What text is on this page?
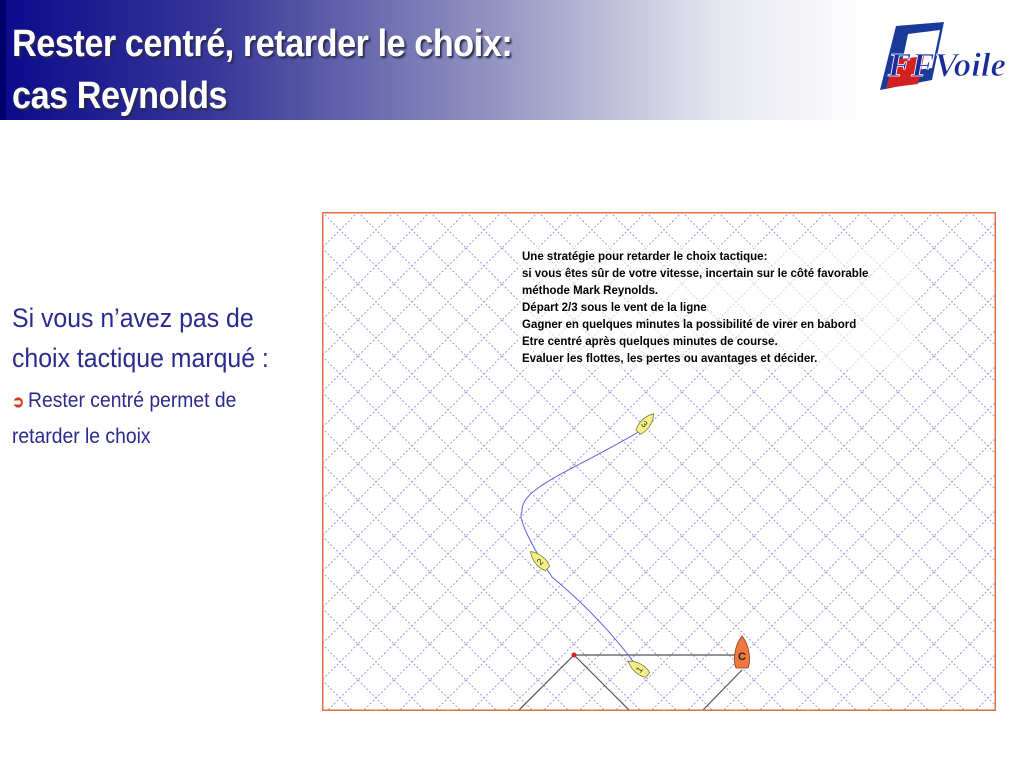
Rester centré, retarder le choix:
cas Reynolds
FFVoile

Si vous n’avez pas de choix tactique marqué :

➲ Rester centré permet de retarder le choix

1
2
3
C
Une stratégie pour retarder le choix tactique:
si vous êtes sûr de votre vitesse, incertain sur le côté favorable
méthode Mark Reynolds.
Départ 2/3 sous le vent de la ligne
Gagner en quelques minutes la possibilité de virer en babord
Etre centré après quelques minutes de course.
Evaluer les flottes, les pertes ou avantages et décider.
